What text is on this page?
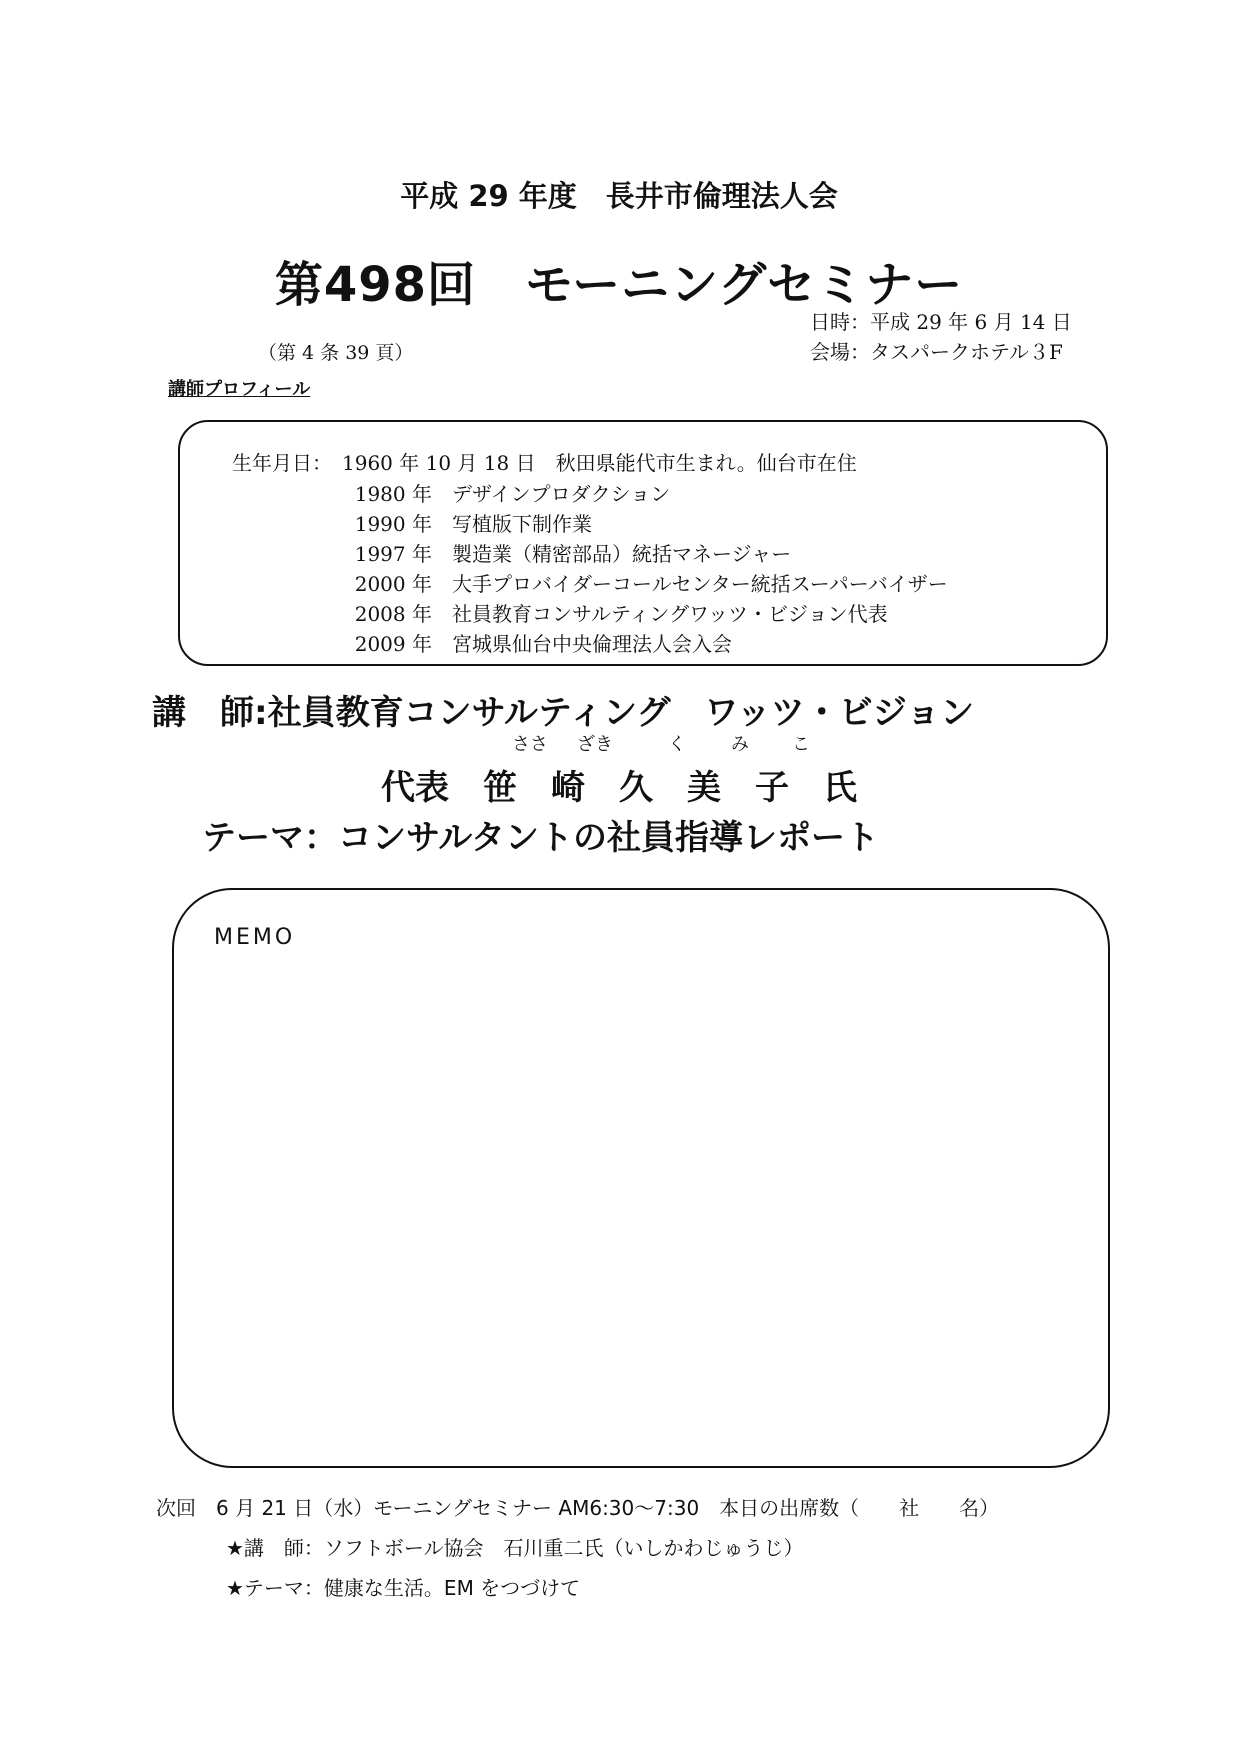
平成 29 年度　長井市倫理法人会
第498回　モーニングセミナー
日時：平成 29 年 6 月 14 日
（第 4 条 39 頁）	会場：タスパークホテル３F
講師プロフィール
生年月日： 1960 年 10 月 18 日　秋田県能代市生まれ。仙台市在住
1980 年 デザインプロダクション
1990 年 写植版下制作業
1997 年 製造業（精密部品）統括マネージャー
2000 年 大手プロバイダーコールセンター統括スーパーバイザー
2008 年 社員教育コンサルティングワッツ・ビジョン代表
2009 年 宮城県仙台中央倫理法人会入会
講　師:社員教育コンサルティング　ワッツ・ビジョン
ささ ざき	く	み こ
代表　笹　崎　久　美　子　氏
テーマ：コンサルタントの社員指導レポート
MEMO
次回　6 月 21 日（水）モーニングセミナー AM6:30～7:30　本日の出席数（　　社　　名）
★講　師：ソフトボール協会　石川重二氏（いしかわじゅうじ）
★テーマ：健康な生活。EM をつづけて
